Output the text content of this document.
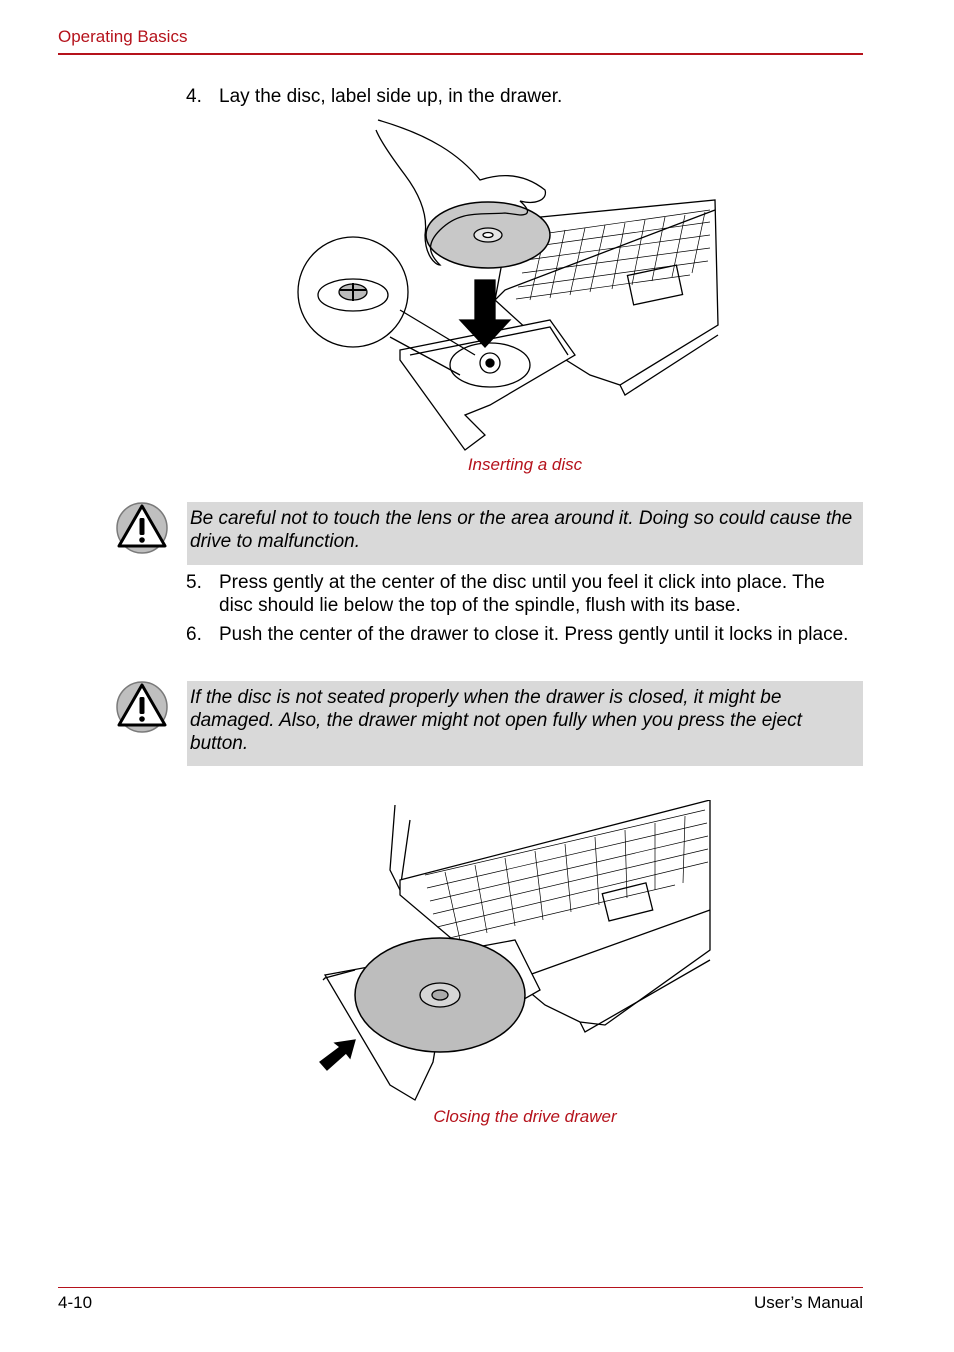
Operating Basics
4. Lay the disc, label side up, in the drawer.
Inserting a disc
Be careful not to touch the lens or the area around it. Doing so could cause the drive to malfunction.
5. Press gently at the center of the disc until you feel it click into place. The disc should lie below the top of the spindle, flush with its base.
6. Push the center of the drawer to close it. Press gently until it locks in place.
If the disc is not seated properly when the drawer is closed, it might be damaged. Also, the drawer might not open fully when you press the eject button.
Closing the drive drawer
4-10	User’s Manual
